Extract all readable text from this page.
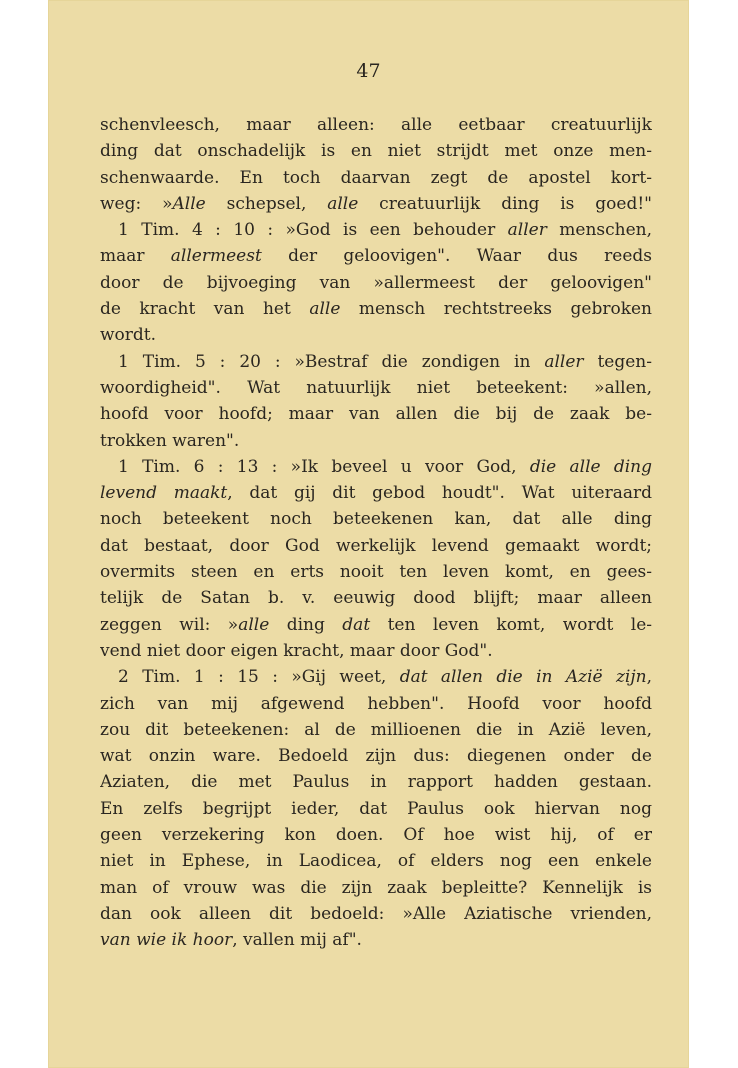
47
schenvleesch, maar alleen: alle eetbaar creatuurlijk
ding dat onschadelijk is en niet strijdt met onze men-
schenwaarde. En toch daarvan zegt de apostel kort-
weg: »Alle schepsel, alle creatuurlijk ding is goed!"
1 Tim. 4 : 10 : »God is een behouder aller menschen,
maar allermeest der geloovigen". Waar dus reeds
door de bijvoeging van »allermeest der geloovigen"
de kracht van het alle mensch rechtstreeks gebroken
wordt.
1 Tim. 5 : 20 : »Bestraf die zondigen in aller tegen-
woordigheid". Wat natuurlijk niet beteekent: »allen,
hoofd voor hoofd; maar van allen die bij de zaak be-
trokken waren".
1 Tim. 6 : 13 : »Ik beveel u voor God, die alle ding
levend maakt, dat gij dit gebod houdt". Wat uiteraard
noch beteekent noch beteekenen kan, dat alle ding
dat bestaat, door God werkelijk levend gemaakt wordt;
overmits steen en erts nooit ten leven komt, en gees-
telijk de Satan b. v. eeuwig dood blijft; maar alleen
zeggen wil: »alle ding dat ten leven komt, wordt le-
vend niet door eigen kracht, maar door God".
2 Tim. 1 : 15 : »Gij weet, dat allen die in Azië zijn,
zich van mij afgewend hebben". Hoofd voor hoofd
zou dit beteekenen: al de millioenen die in Azië leven,
wat onzin ware. Bedoeld zijn dus: diegenen onder de
Aziaten, die met Paulus in rapport hadden gestaan.
En zelfs begrijpt ieder, dat Paulus ook hiervan nog
geen verzekering kon doen. Of hoe wist hij, of er
niet in Ephese, in Laodicea, of elders nog een enkele
man of vrouw was die zijn zaak bepleitte? Kennelijk is
dan ook alleen dit bedoeld: »Alle Aziatische vrienden,
van wie ik hoor, vallen mij af".
